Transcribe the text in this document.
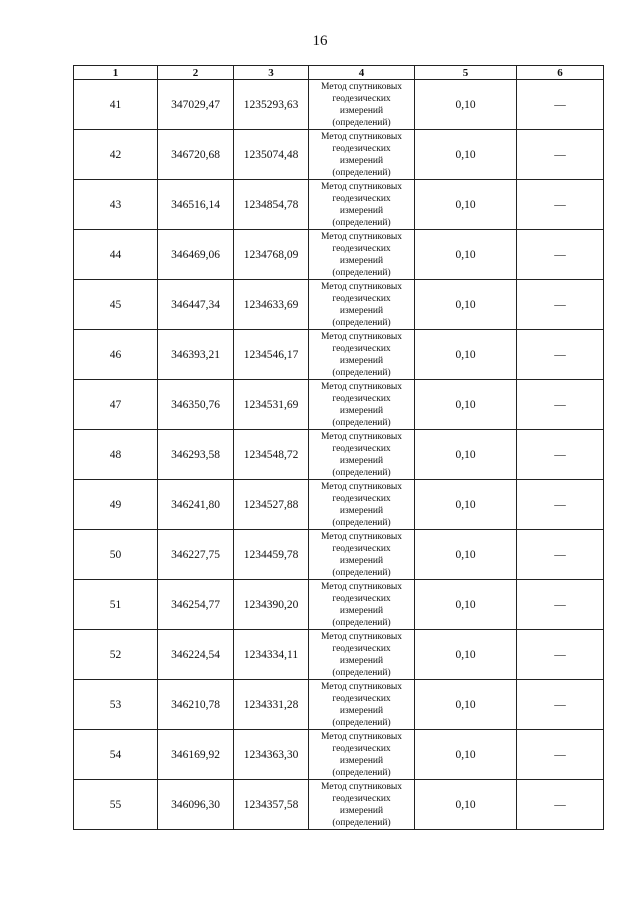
16
1	2	3	4	5	6
41	347029,47	1235293,63	Метод спутниковых
геодезических
измерений
(определений)	0,10	—
42	346720,68	1235074,48	Метод спутниковых
геодезических
измерений
(определений)	0,10	—
43	346516,14	1234854,78	Метод спутниковых
геодезических
измерений
(определений)	0,10	—
44	346469,06	1234768,09	Метод спутниковых
геодезических
измерений
(определений)	0,10	—
45	346447,34	1234633,69	Метод спутниковых
геодезических
измерений
(определений)	0,10	—
46	346393,21	1234546,17	Метод спутниковых
геодезических
измерений
(определений)	0,10	—
47	346350,76	1234531,69	Метод спутниковых
геодезических
измерений
(определений)	0,10	—
48	346293,58	1234548,72	Метод спутниковых
геодезических
измерений
(определений)	0,10	—
49	346241,80	1234527,88	Метод спутниковых
геодезических
измерений
(определений)	0,10	—
50	346227,75	1234459,78	Метод спутниковых
геодезических
измерений
(определений)	0,10	—
51	346254,77	1234390,20	Метод спутниковых
геодезических
измерений
(определений)	0,10	—
52	346224,54	1234334,11	Метод спутниковых
геодезических
измерений
(определений)	0,10	—
53	346210,78	1234331,28	Метод спутниковых
геодезических
измерений
(определений)	0,10	—
54	346169,92	1234363,30	Метод спутниковых
геодезических
измерений
(определений)	0,10	—
55	346096,30	1234357,58	Метод спутниковых
геодезических
измерений
(определений)	0,10	—
